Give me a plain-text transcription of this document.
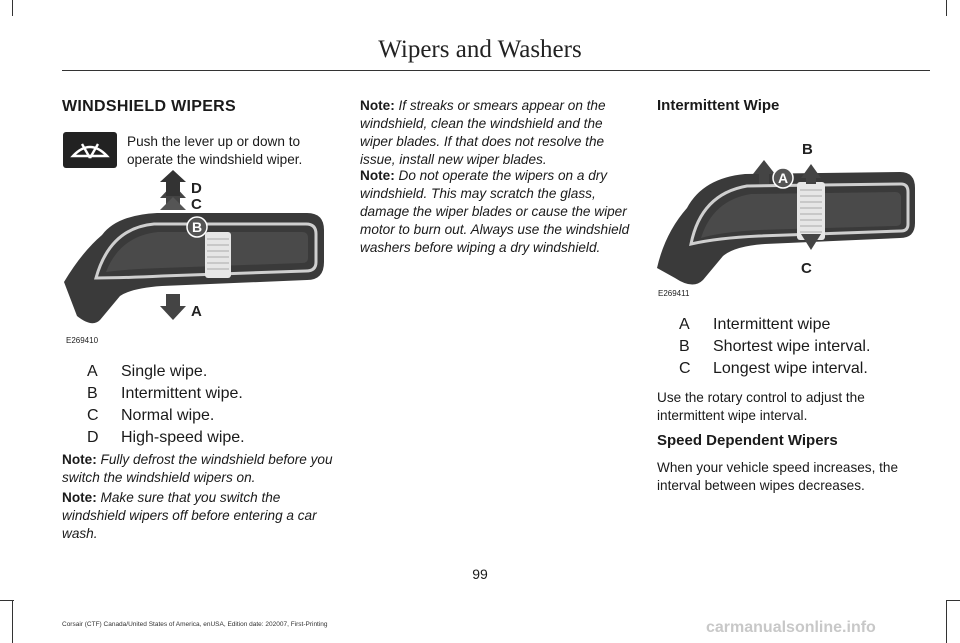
Wipers and Washers
WINDSHIELD WIPERS

Push the lever up or down to operate the windshield wiper.

D
C
B
A
E269410
A	Single wipe.
B	Intermittent wipe.
C	Normal wipe.
D	High-speed wipe.

Note: Fully defrost the windshield before you switch the windshield wipers on.

Note: Make sure that you switch the windshield wipers off before entering a car wash.

Note: If streaks or smears appear on the windshield, clean the windshield and the wiper blades. If that does not resolve the issue, install new wiper blades.

Note: Do not operate the wipers on a dry windshield. This may scratch the glass, damage the wiper blades or cause the wiper motor to burn out. Always use the windshield washers before wiping a dry windshield.

Intermittent Wipe
B
A
C
E269411
A	Intermittent wipe
B	Shortest wipe interval.
C	Longest wipe interval.

Use the rotary control to adjust the intermittent wipe interval.

Speed Dependent Wipers

When your vehicle speed increases, the interval between wipes decreases.

99
Corsair (CTF) Canada/United States of America, enUSA, Edition date: 202007, First-Printing	carmanualsonline.info
